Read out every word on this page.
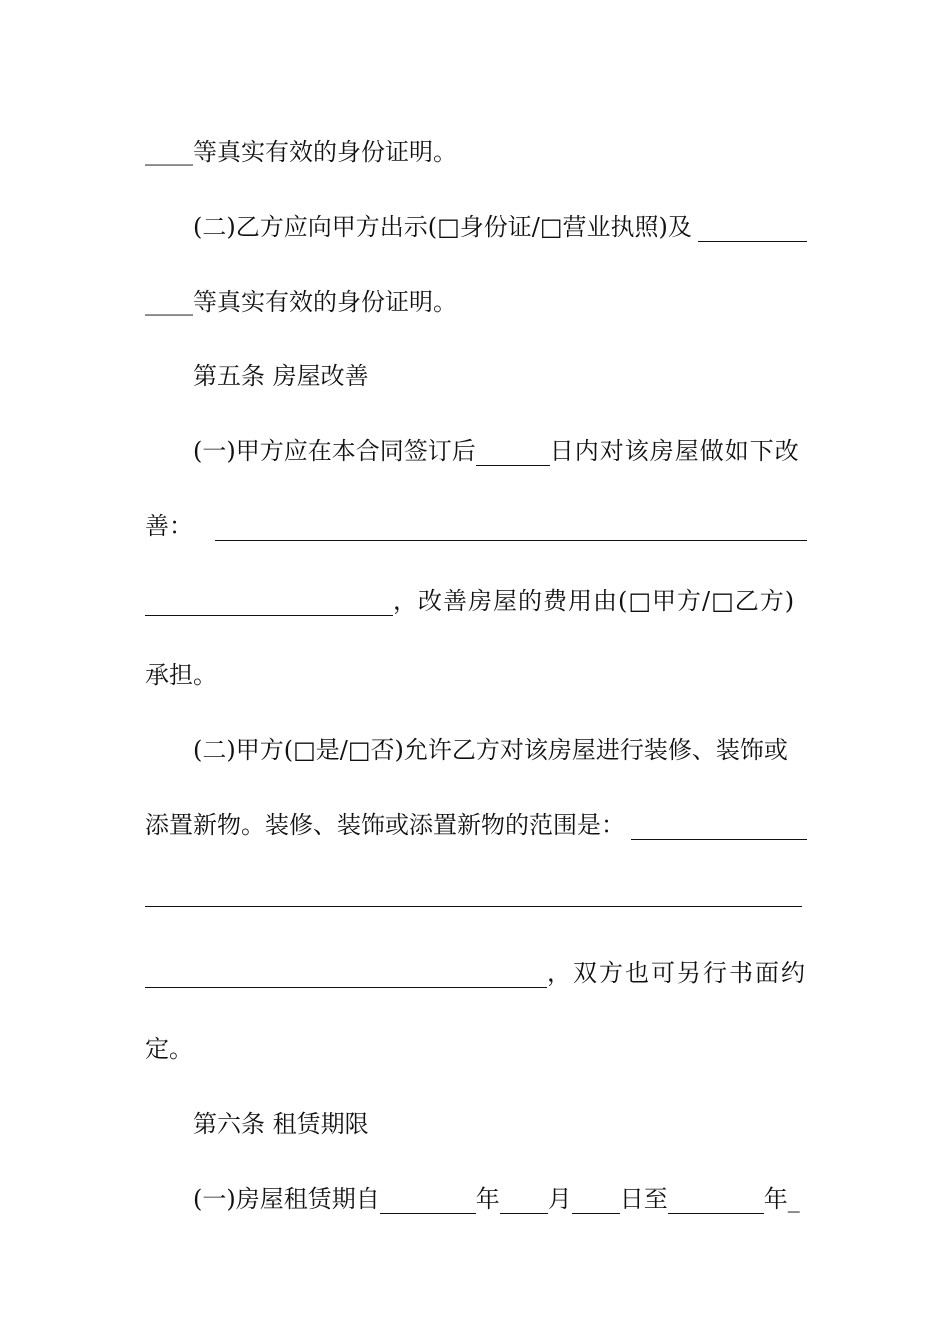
____等真实有效的身份证明。
(二)乙方应向甲方出示(□身份证/□营业执照)及
____等真实有效的身份证明。
第五条 房屋改善
(一)甲方应在本合同签订后	日内对该房屋做如下改
善：
，改善房屋的费用由(□甲方/□乙方)
承担。
(二)甲方(□是/□否)允许乙方对该房屋进行装修、装饰或
添置新物。装修、装饰或添置新物的范围是：
，双方也可另行书面约
定。
第六条 租赁期限
(一)房屋租赁期自	年 月 日至	年_
